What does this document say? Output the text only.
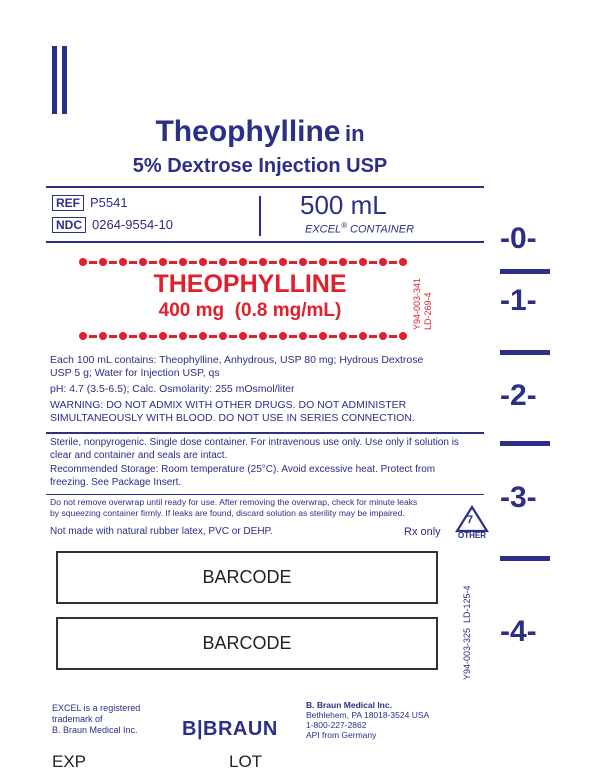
Theophylline in
5% Dextrose Injection USP
REF P5541
NDC 0264-9554-10
500 mL
EXCEL® CONTAINER
THEOPHYLLINE
400 mg  (0.8 mg/mL)	Y94-003-341 LD-269-4
Each 100 mL contains: Theophylline, Anhydrous, USP 80 mg; Hydrous Dextrose
USP 5 g; Water for Injection USP, qs
pH: 4.7 (3.5-6.5); Calc. Osmolarity: 255 mOsmol/liter
WARNING: DO NOT ADMIX WITH OTHER DRUGS. DO NOT ADMINISTER
SIMULTANEOUSLY WITH BLOOD. DO NOT USE IN SERIES CONNECTION.
Sterile, nonpyrogenic. Single dose container. For intravenous use only. Use only if solution is
clear and container and seals are intact.
Recommended Storage: Room temperature (25°C). Avoid excessive heat. Protect from
freezing. See Package Insert.
Do not remove overwrap until ready for use. After removing the overwrap, check for minute leaks
by squeezing container firmly. If leaks are found, discard solution as sterility may be impaired.
Not made with natural rubber latex, PVC or DEHP.	Rx only
7
OTHER
BARCODE
BARCODE	Y94-003-325  LD-125-4
-0-
-1-
-2-
-3-
-4-
EXCEL is a registered
trademark of
B. Braun Medical Inc. B|BRAUN
B. Braun Medical Inc.
Bethlehem, PA 18018-3524 USA
1-800-227-2862
API from Germany
EXP	LOT
